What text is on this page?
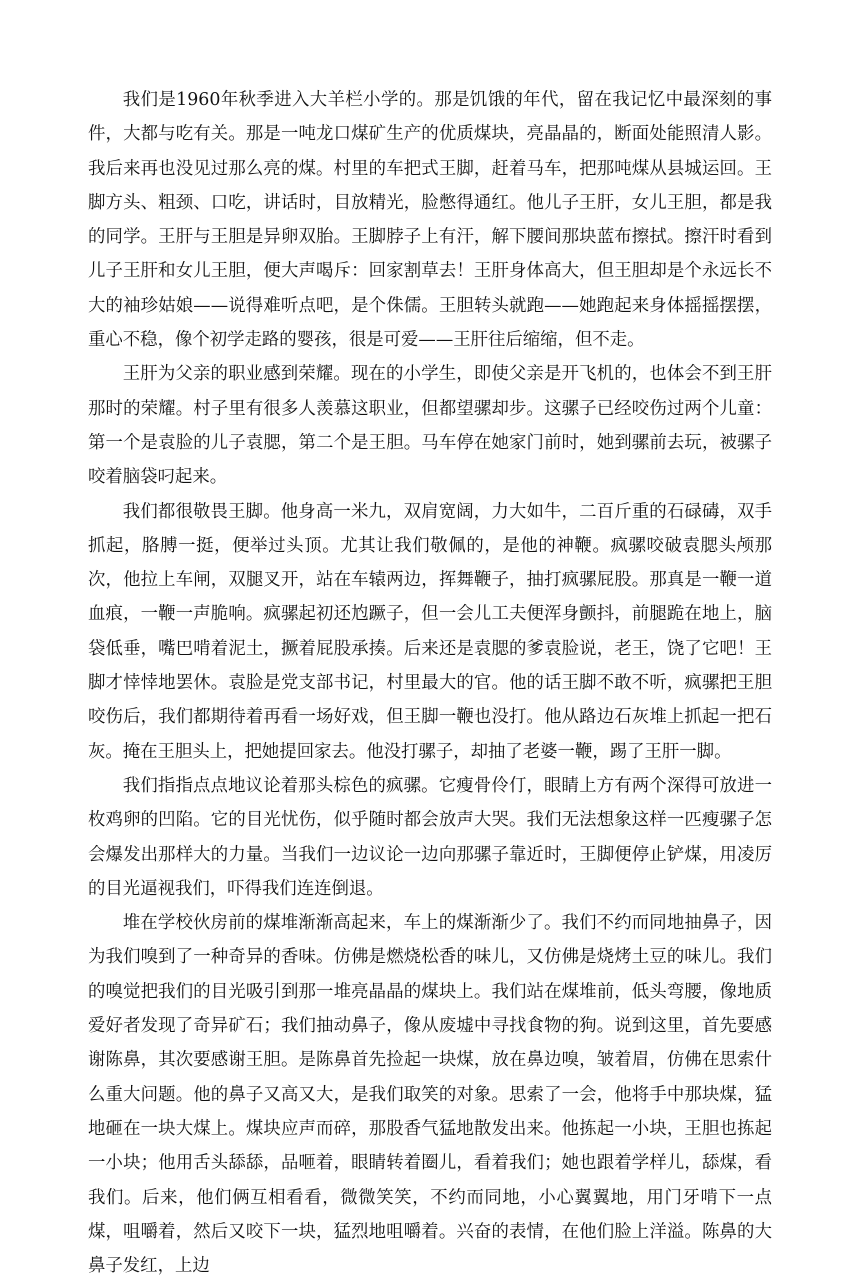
我们是1960年秋季进入大羊栏小学的。那是饥饿的年代，留在我记忆中最深刻的事件，大都与吃有关。那是一吨龙口煤矿生产的优质煤块，亮晶晶的，断面处能照清人影。我后来再也没见过那么亮的煤。村里的车把式王脚，赶着马车，把那吨煤从县城运回。王脚方头、粗颈、口吃，讲话时，目放精光，脸憋得通红。他儿子王肝，女儿王胆，都是我的同学。王肝与王胆是异卵双胎。王脚脖子上有汗，解下腰间那块蓝布擦拭。擦汗时看到儿子王肝和女儿王胆，便大声喝斥：回家割草去！王肝身体高大，但王胆却是个永远长不大的袖珍姑娘——说得难听点吧，是个侏儒。王胆转头就跑——她跑起来身体摇摇摆摆，重心不稳，像个初学走路的婴孩，很是可爱——王肝往后缩缩，但不走。

王肝为父亲的职业感到荣耀。现在的小学生，即使父亲是开飞机的，也体会不到王肝那时的荣耀。村子里有很多人羡慕这职业，但都望骡却步。这骡子已经咬伤过两个儿童：第一个是袁脸的儿子袁腮，第二个是王胆。马车停在她家门前时，她到骡前去玩，被骡子咬着脑袋叼起来。

我们都很敬畏王脚。他身高一米九，双肩宽阔，力大如牛，二百斤重的石碌碡，双手抓起，胳膊一挺，便举过头顶。尤其让我们敬佩的，是他的神鞭。疯骡咬破袁腮头颅那次，他拉上车闸，双腿叉开，站在车辕两边，挥舞鞭子，抽打疯骡屁股。那真是一鞭一道血痕，一鞭一声脆响。疯骡起初还尥蹶子，但一会儿工夫便浑身颤抖，前腿跪在地上，脑袋低垂，嘴巴啃着泥土，撅着屁股承揍。后来还是袁腮的爹袁脸说，老王，饶了它吧！王脚才悻悻地罢休。袁脸是党支部书记，村里最大的官。他的话王脚不敢不听，疯骡把王胆咬伤后，我们都期待着再看一场好戏，但王脚一鞭也没打。他从路边石灰堆上抓起一把石灰。掩在王胆头上，把她提回家去。他没打骡子，却抽了老婆一鞭，踢了王肝一脚。

我们指指点点地议论着那头棕色的疯骡。它瘦骨伶仃，眼睛上方有两个深得可放进一枚鸡卵的凹陷。它的目光忧伤，似乎随时都会放声大哭。我们无法想象这样一匹瘦骡子怎会爆发出那样大的力量。当我们一边议论一边向那骡子靠近时，王脚便停止铲煤，用凌厉的目光逼视我们，吓得我们连连倒退。

堆在学校伙房前的煤堆渐渐高起来，车上的煤渐渐少了。我们不约而同地抽鼻子，因为我们嗅到了一种奇异的香味。仿佛是燃烧松香的味儿，又仿佛是烧烤土豆的味儿。我们的嗅觉把我们的目光吸引到那一堆亮晶晶的煤块上。我们站在煤堆前，低头弯腰，像地质爱好者发现了奇异矿石；我们抽动鼻子，像从废墟中寻找食物的狗。说到这里，首先要感谢陈鼻，其次要感谢王胆。是陈鼻首先捡起一块煤，放在鼻边嗅，皱着眉，仿佛在思索什么重大问题。他的鼻子又高又大，是我们取笑的对象。思索了一会，他将手中那块煤，猛地砸在一块大煤上。煤块应声而碎，那股香气猛地散发出来。他拣起一小块，王胆也拣起一小块；他用舌头舔舔，品咂着，眼睛转着圈儿，看着我们；她也跟着学样儿，舔煤，看我们。后来，他们俩互相看看，微微笑笑，不约而同地，小心翼翼地，用门牙啃下一点煤，咀嚼着，然后又咬下一块，猛烈地咀嚼着。兴奋的表情，在他们脸上洋溢。陈鼻的大鼻子发红，上边
